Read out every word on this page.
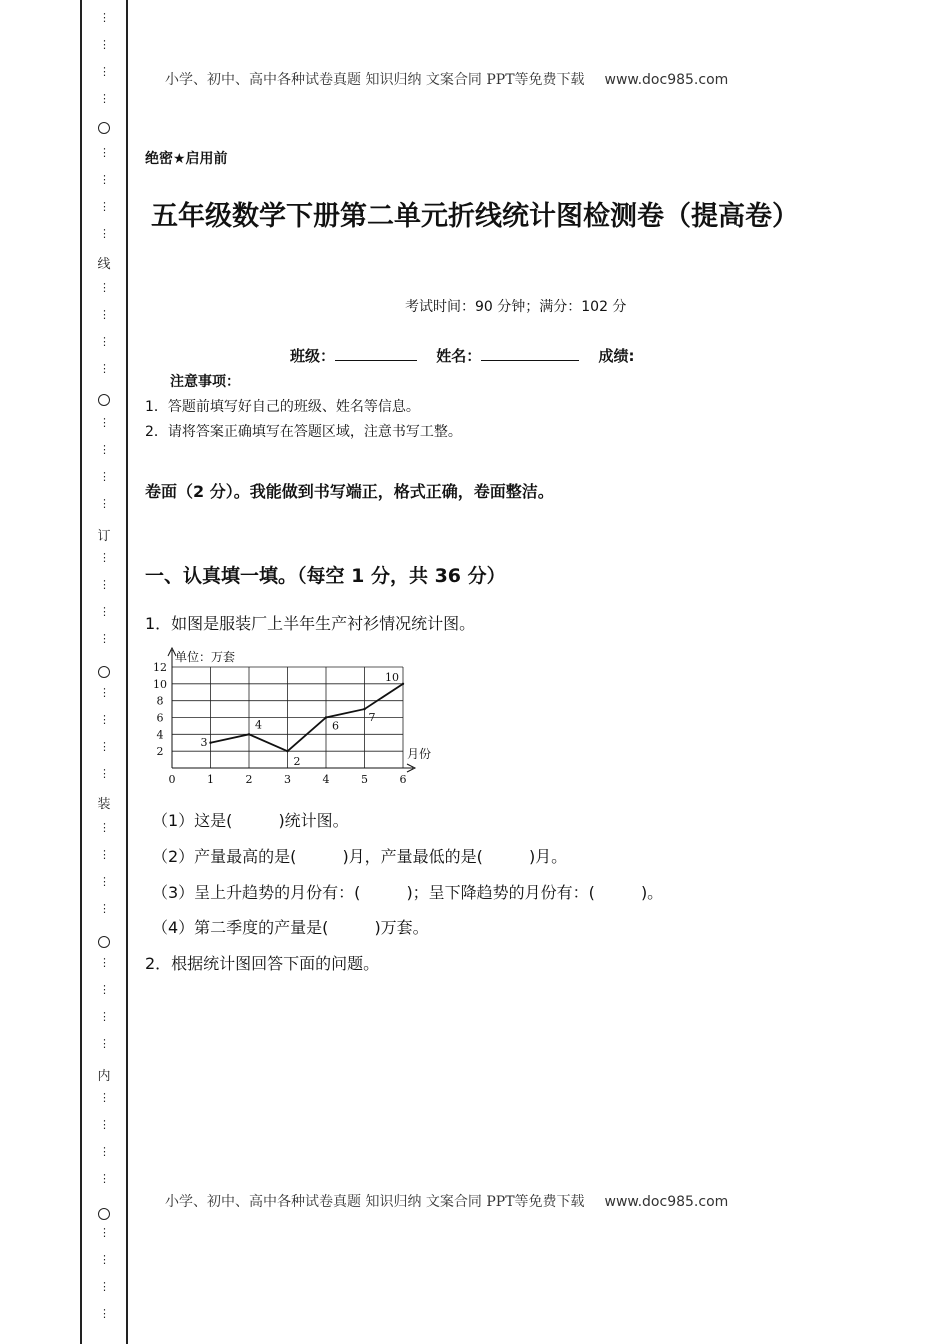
线
订
装
内
⋮
⋮
⋮
⋮
⋮
⋮
⋮
⋮
⋮
⋮
⋮
⋮
⋮
⋮
⋮
⋮
⋮
⋮
⋮
⋮
⋮
⋮
⋮
⋮
⋮
⋮
⋮
⋮
⋮
⋮
⋮
⋮
⋮
⋮
⋮
⋮
⋮
⋮
⋮
⋮
小学、初中、高中各种试卷真题 知识归纳 文案合同 PPT等免费下载 www.doc985.com
绝密★启用前
五年级数学下册第二单元折线统计图检测卷（提高卷）
考试时间：90 分钟；满分：102 分
班级：	姓名：	成绩:
注意事项：
1．答题前填写好自己的班级、姓名等信息。
2．请将答案正确填写在答题区域，注意书写工整。
卷面（2 分）。我能做到书写端正，格式正确，卷面整洁。
一、认真填一填。（每空 1 分，共 36 分）
1．如图是服装厂上半年生产衬衫情况统计图。
2
4
6
8
10
12
0	1	2	3	4	5	6
单位：万套
月份
3
4
2
6
7
10
（1）这是(	)统计图。
（2）产量最高的是(	)月，产量最低的是(	)月。
（3）呈上升趋势的月份有：(	)；呈下降趋势的月份有：(	)。
（4）第二季度的产量是(	)万套。
2．根据统计图回答下面的问题。
小学、初中、高中各种试卷真题 知识归纳 文案合同 PPT等免费下载 www.doc985.com
